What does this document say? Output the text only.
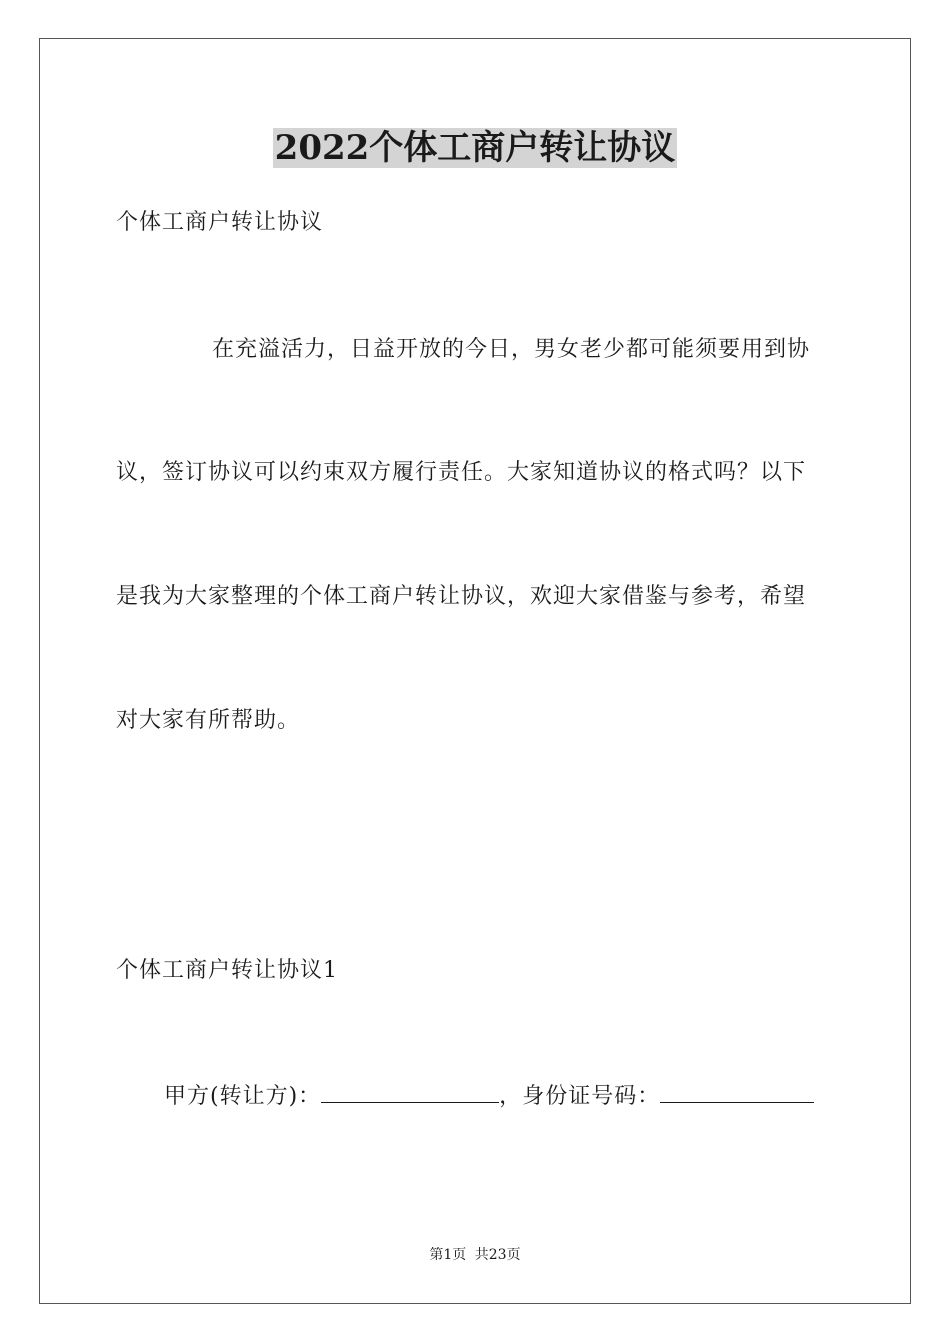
2022个体工商户转让协议
个体工商户转让协议
在充溢活力，日益开放的今日，男女老少都可能须要用到协
议，签订协议可以约束双方履行责任。大家知道协议的格式吗？以下
是我为大家整理的个体工商户转让协议，欢迎大家借鉴与参考，希望
对大家有所帮助。
个体工商户转让协议1
甲方(转让方)：	，身份证号码：
第1页 共23页
